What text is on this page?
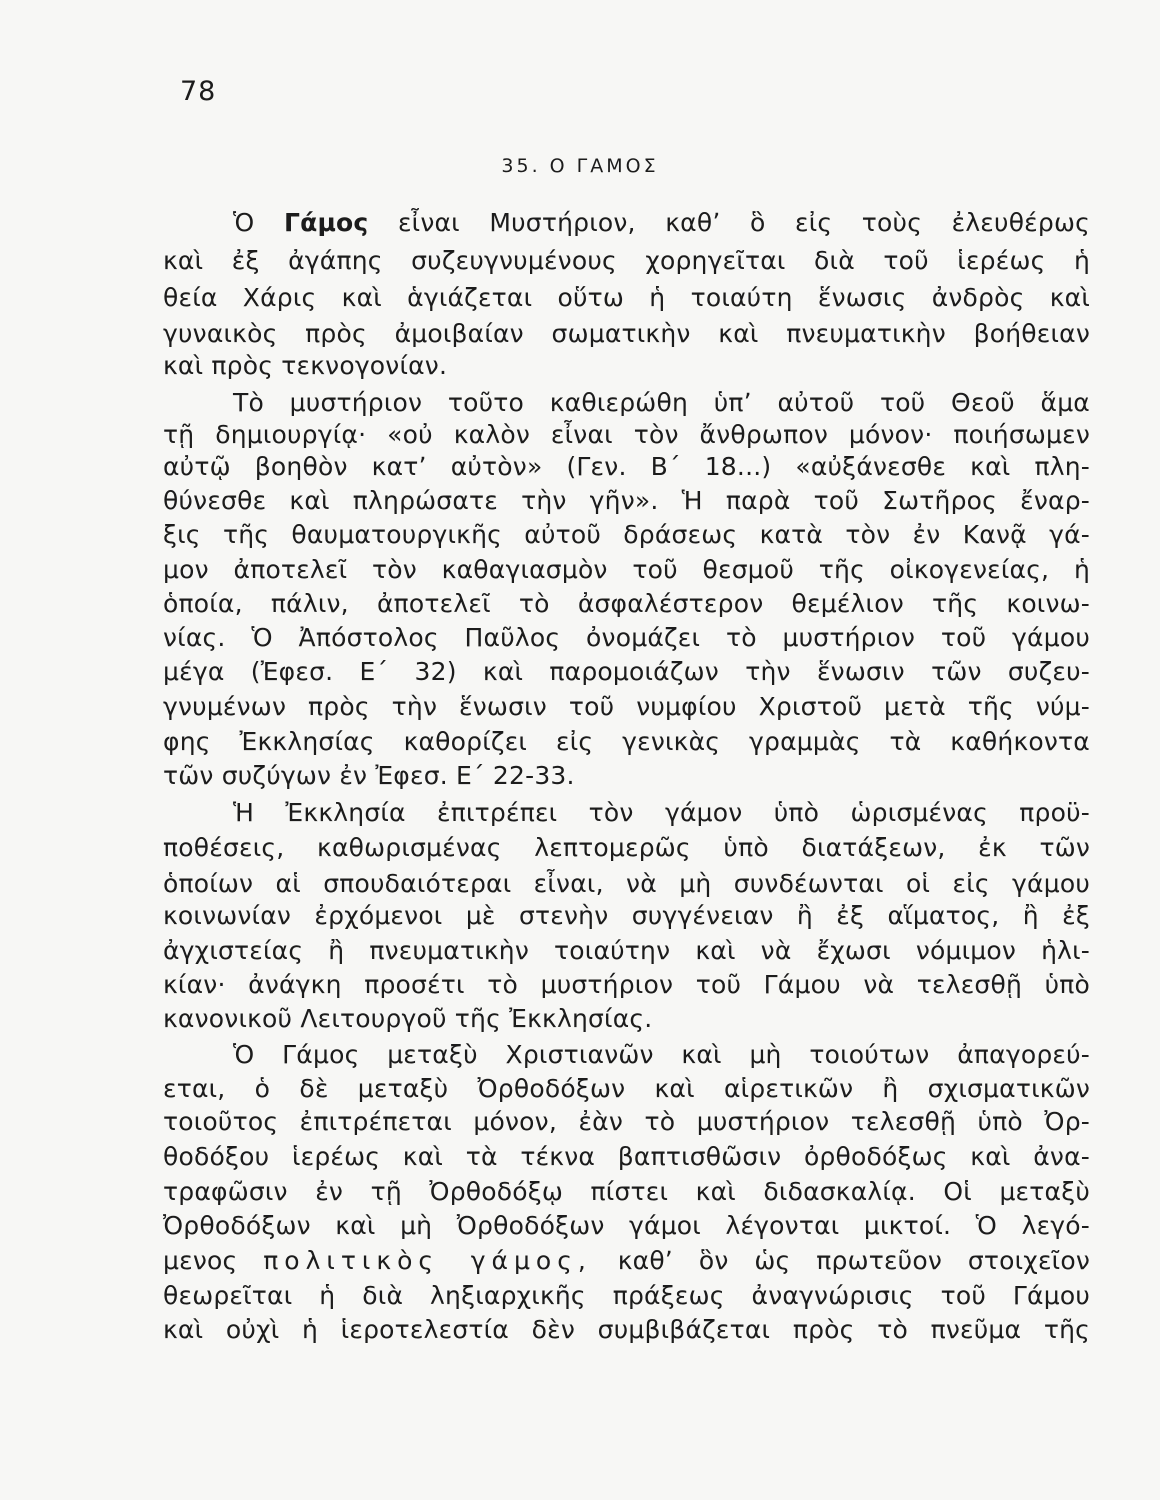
78
35. Ο ΓΑΜΟΣ
Ὁ Γάμος εἶναι Μυστήριον, καθʼ ὃ εἰς τοὺς ἐλευθέρως
καὶ ἐξ ἀγάπης συζευγνυμένους χορηγεῖται διὰ τοῦ ἱερέως ἡ
θεία Χάρις καὶ ἁγιάζεται οὕτω ἡ τοιαύτη ἕνωσις ἀνδρὸς καὶ
γυναικὸς πρὸς ἀμοιβαίαν σωματικὴν καὶ πνευματικὴν βοήθειαν
καὶ πρὸς τεκνογονίαν.
Τὸ μυστήριον τοῦτο καθιερώθη ὑπʼ αὐτοῦ τοῦ Θεοῦ ἅμα
τῇ δημιουργίᾳ· «οὐ καλὸν εἶναι τὸν ἄνθρωπον μόνον· ποιήσωμεν
αὐτῷ βοηθὸν κατʼ αὐτὸν» (Γεν. Β΄ 18...) «αὐξάνεσθε καὶ πλη-
θύνεσθε καὶ πληρώσατε τὴν γῆν». Ἡ παρὰ τοῦ Σωτῆρος ἔναρ-
ξις τῆς θαυματουργικῆς αὐτοῦ δράσεως κατὰ τὸν ἐν Κανᾷ γά-
μον ἀποτελεῖ τὸν καθαγιασμὸν τοῦ θεσμοῦ τῆς οἰκογενείας, ἡ
ὁποία, πάλιν, ἀποτελεῖ τὸ ἀσφαλέστερον θεμέλιον τῆς κοινω-
νίας. Ὁ Ἀπόστολος Παῦλος ὀνομάζει τὸ μυστήριον τοῦ γάμου
μέγα (Ἐφεσ. Ε΄ 32) καὶ παρομοιάζων τὴν ἕνωσιν τῶν συζευ-
γνυμένων πρὸς τὴν ἕνωσιν τοῦ νυμφίου Χριστοῦ μετὰ τῆς νύμ-
φης Ἐκκλησίας καθορίζει εἰς γενικὰς γραμμὰς τὰ καθήκοντα
τῶν συζύγων ἐν Ἐφεσ. Ε΄ 22-33.
Ἡ Ἐκκλησία ἐπιτρέπει τὸν γάμον ὑπὸ ὡρισμένας προϋ-
ποθέσεις, καθωρισμένας λεπτομερῶς ὑπὸ διατάξεων, ἐκ τῶν
ὁποίων αἱ σπουδαιότεραι εἶναι, νὰ μὴ συνδέωνται οἱ εἰς γάμου
κοινωνίαν ἐρχόμενοι μὲ στενὴν συγγένειαν ἢ ἐξ αἵματος, ἢ ἐξ
ἀγχιστείας ἢ πνευματικὴν τοιαύτην καὶ νὰ ἔχωσι νόμιμον ἡλι-
κίαν· ἀνάγκη προσέτι τὸ μυστήριον τοῦ Γάμου νὰ τελεσθῇ ὑπὸ
κανονικοῦ Λειτουργοῦ τῆς Ἐκκλησίας.
Ὁ Γάμος μεταξὺ Χριστιανῶν καὶ μὴ τοιούτων ἀπαγορεύ-
εται, ὁ δὲ μεταξὺ Ὀρθοδόξων καὶ αἱρετικῶν ἢ σχισματικῶν
τοιοῦτος ἐπιτρέπεται μόνον, ἐὰν τὸ μυστήριον τελεσθῇ ὑπὸ Ὀρ-
θοδόξου ἱερέως καὶ τὰ τέκνα βαπτισθῶσιν ὀρθοδόξως καὶ ἀνα-
τραφῶσιν ἐν τῇ Ὀρθοδόξῳ πίστει καὶ διδασκαλίᾳ. Οἱ μεταξὺ
Ὀρθοδόξων καὶ μὴ Ὀρθοδόξων γάμοι λέγονται μικτοί. Ὁ λεγό-
μενος πολιτικὸς γάμος, καθʼ ὃν ὡς πρωτεῦον στοιχεῖον
θεωρεῖται ἡ διὰ ληξιαρχικῆς πράξεως ἀναγνώρισις τοῦ Γάμου
καὶ οὐχὶ ἡ ἱεροτελεστία δὲν συμβιβάζεται πρὸς τὸ πνεῦμα τῆς
